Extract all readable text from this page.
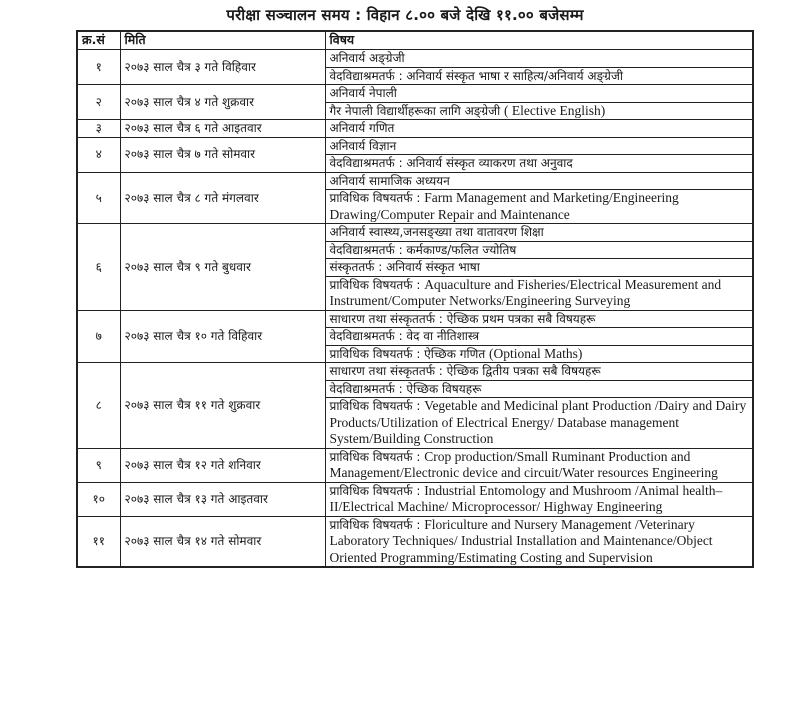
परीक्षा सञ्चालन समय : विहान ८.०० बजे देखि ११.०० बजेसम्म
क्र.सं	मिति	विषय
१	२०७३ साल चैत्र ३ गते विहिवार	अनिवार्य अङ्ग्रेजी
		वेदविद्याश्रमतर्फ : अनिवार्य संस्कृत भाषा र साहित्य/अनिवार्य अङ्ग्रेजी
२	२०७३ साल चैत्र ४ गते शुक्रवार	अनिवार्य नेपाली
		गैर नेपाली विद्यार्थीहरूका लागि अङ्ग्रेजी ( Elective English)
३	२०७३ साल चैत्र ६ गते आइतवार	अनिवार्य गणित
४	२०७३ साल चैत्र ७ गते सोमवार	अनिवार्य विज्ञान
		वेदविद्याश्रमतर्फ : अनिवार्य संस्कृत व्याकरण तथा अनुवाद
५	२०७३ साल चैत्र ८ गते मंगलवार	अनिवार्य सामाजिक अध्ययन
		प्राविधिक विषयतर्फ : Farm Management and Marketing/Engineering Drawing/Computer Repair and Maintenance
६	२०७३ साल चैत्र ९ गते बुधवार	अनिवार्य स्वास्थ्य,जनसङ्ख्या तथा वातावरण शिक्षा
		वेदविद्याश्रमतर्फ : कर्मकाण्ड/फलित ज्योतिष
		संस्कृततर्फ : अनिवार्य संस्कृत भाषा
		प्राविधिक विषयतर्फ : Aquaculture and Fisheries/Electrical Measurement and Instrument/Computer Networks/Engineering Surveying
७	२०७३ साल चैत्र १० गते विहिवार	साधारण तथा संस्कृततर्फ : ऐच्छिक प्रथम पत्रका सबै विषयहरू
		वेदविद्याश्रमतर्फ : वेद वा नीतिशास्त्र
		प्राविधिक विषयतर्फ : ऐच्छिक गणित (Optional Maths)
८	२०७३ साल चैत्र ११ गते शुक्रवार	साधारण तथा संस्कृततर्फ : ऐच्छिक द्वितीय पत्रका सबै विषयहरू
		वेदविद्याश्रमतर्फ : ऐच्छिक विषयहरू
		प्राविधिक विषयतर्फ : Vegetable and Medicinal plant Production /Dairy and Dairy Products/Utilization of Electrical Energy/ Database management System/Building Construction
९	२०७३ साल चैत्र १२ गते शनिवार	प्राविधिक विषयतर्फ : Crop production/Small Ruminant Production and Management/Electronic device and circuit/Water resources Engineering
१०	२०७३ साल चैत्र १३ गते आइतवार	प्राविधिक विषयतर्फ : Industrial Entomology and Mushroom /Animal health–II/Electrical Machine/ Microprocessor/ Highway Engineering
११	२०७३ साल चैत्र १४ गते सोमवार	प्राविधिक विषयतर्फ : Floriculture and Nursery Management /Veterinary Laboratory Techniques/ Industrial Installation and Maintenance/Object Oriented Programming/Estimating Costing and Supervision
